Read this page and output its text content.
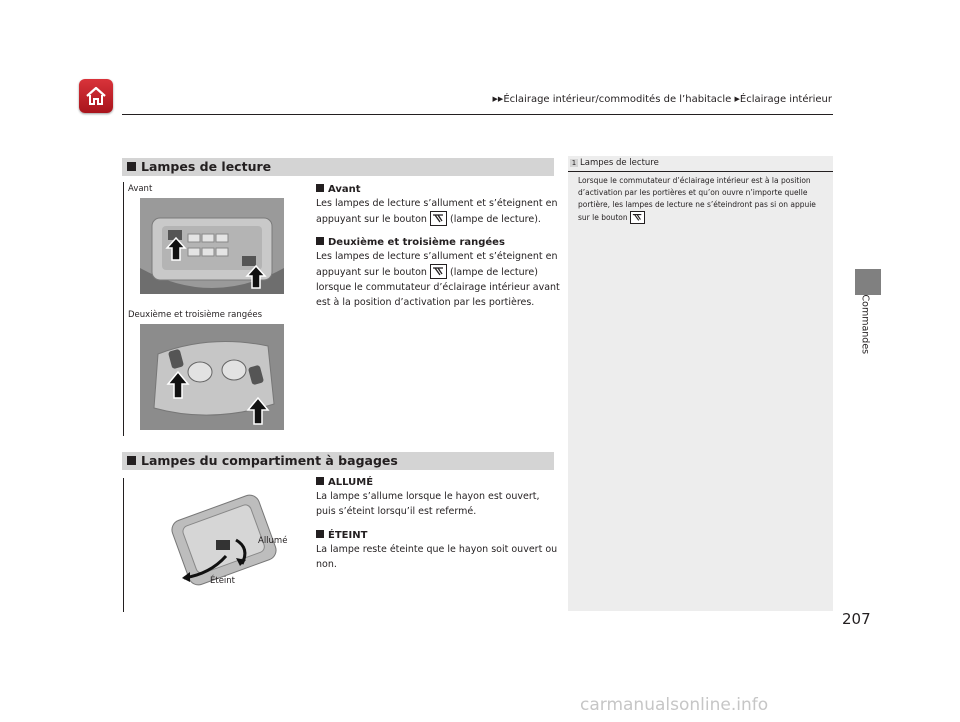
▶▶Éclairage intérieur/commodités de l’habitacle ▶Éclairage intérieur
Commandes
Lampes de lecture
Avant
Deuxième et troisième rangées
Avant
Les lampes de lecture s’allument et s’éteignent en appuyant sur le bouton (lampe de lecture).
Deuxième et troisième rangées
Les lampes de lecture s’allument et s’éteignent en appuyant sur le bouton (lampe de lecture) lorsque le commutateur d’éclairage intérieur avant est à la position d’activation par les portières.
Lampes du compartiment à bagages
Allumé
Éteint
ALLUMÉ
La lampe s’allume lorsque le hayon est ouvert, puis s’éteint lorsqu’il est refermé.
ÉTEINT
La lampe reste éteinte que le hayon soit ouvert ou non.
1 Lampes de lecture
Lorsque le commutateur d’éclairage intérieur est à la position d’activation par les portières et qu’on ouvre n’importe quelle portière, les lampes de lecture ne s’éteindront pas si on appuie sur le bouton
207
carmanualsonline.info
